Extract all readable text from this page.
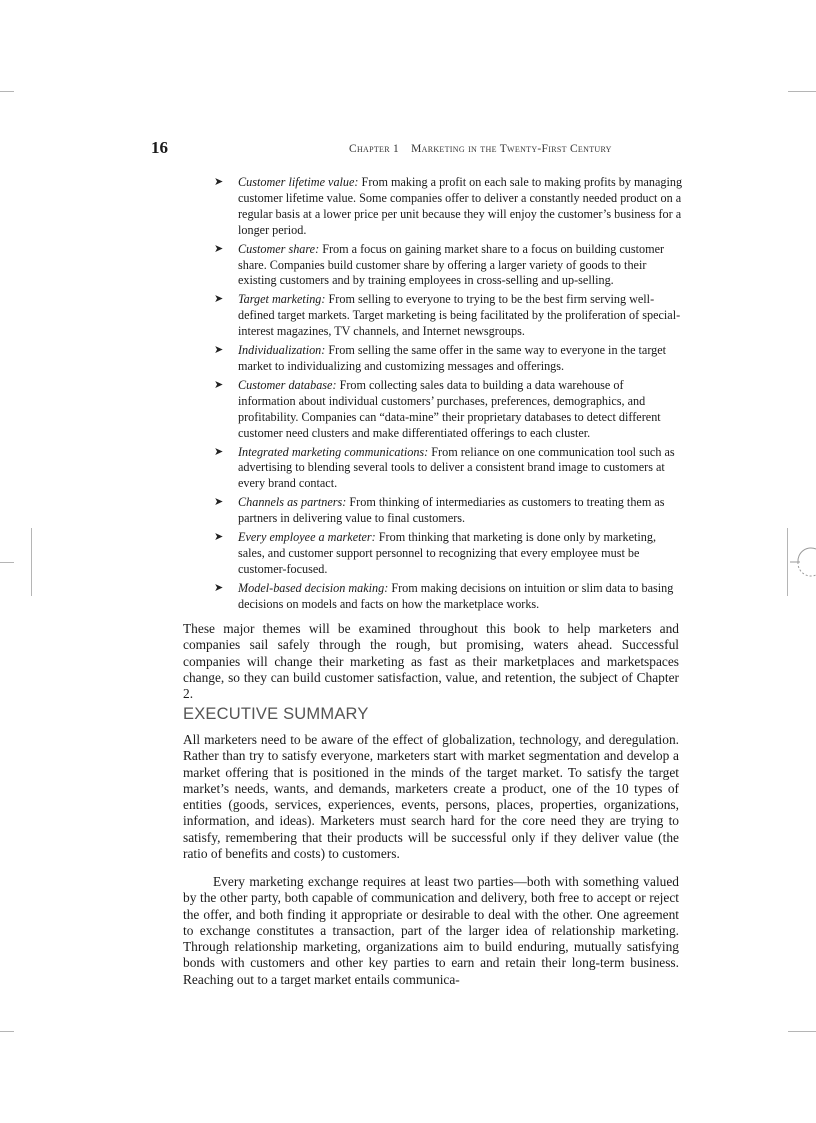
16	Chapter 1 Marketing in the Twenty-First Century
➤ Customer lifetime value: From making a profit on each sale to making profits by managing customer lifetime value. Some companies offer to deliver a constantly needed product on a regular basis at a lower price per unit because they will enjoy the customer’s business for a longer period.
➤ Customer share: From a focus on gaining market share to a focus on building customer share. Companies build customer share by offering a larger variety of goods to their existing customers and by training employees in cross-selling and up-selling.
➤ Target marketing: From selling to everyone to trying to be the best firm serving well-defined target markets. Target marketing is being facilitated by the proliferation of special-interest magazines, TV channels, and Internet newsgroups.
➤ Individualization: From selling the same offer in the same way to everyone in the target market to individualizing and customizing messages and offerings.
➤ Customer database: From collecting sales data to building a data warehouse of information about individual customers’ purchases, preferences, demographics, and profitability. Companies can “data-mine” their proprietary databases to detect different customer need clusters and make differentiated offerings to each cluster.
➤ Integrated marketing communications: From reliance on one communication tool such as advertising to blending several tools to deliver a consistent brand image to customers at every brand contact.
➤ Channels as partners: From thinking of intermediaries as customers to treating them as partners in delivering value to final customers.
➤ Every employee a marketer: From thinking that marketing is done only by marketing, sales, and customer support personnel to recognizing that every employee must be customer-focused.
➤ Model-based decision making: From making decisions on intuition or slim data to basing decisions on models and facts on how the marketplace works.

These major themes will be examined throughout this book to help marketers and companies sail safely through the rough, but promising, waters ahead. Successful companies will change their marketing as fast as their marketplaces and marketspaces change, so they can build customer satisfaction, value, and retention, the subject of Chapter 2.

EXECUTIVE SUMMARY

All marketers need to be aware of the effect of globalization, technology, and deregulation. Rather than try to satisfy everyone, marketers start with market segmentation and develop a market offering that is positioned in the minds of the target market. To satisfy the target market’s needs, wants, and demands, marketers create a product, one of the 10 types of entities (goods, services, experiences, events, persons, places, properties, organizations, information, and ideas). Marketers must search hard for the core need they are trying to satisfy, remembering that their products will be successful only if they deliver value (the ratio of benefits and costs) to customers.

Every marketing exchange requires at least two parties—both with something valued by the other party, both capable of communication and delivery, both free to accept or reject the offer, and both finding it appropriate or desirable to deal with the other. One agreement to exchange constitutes a transaction, part of the larger idea of relationship marketing. Through relationship marketing, organizations aim to build enduring, mutually satisfying bonds with customers and other key parties to earn and retain their long-term business. Reaching out to a target market entails communica-
